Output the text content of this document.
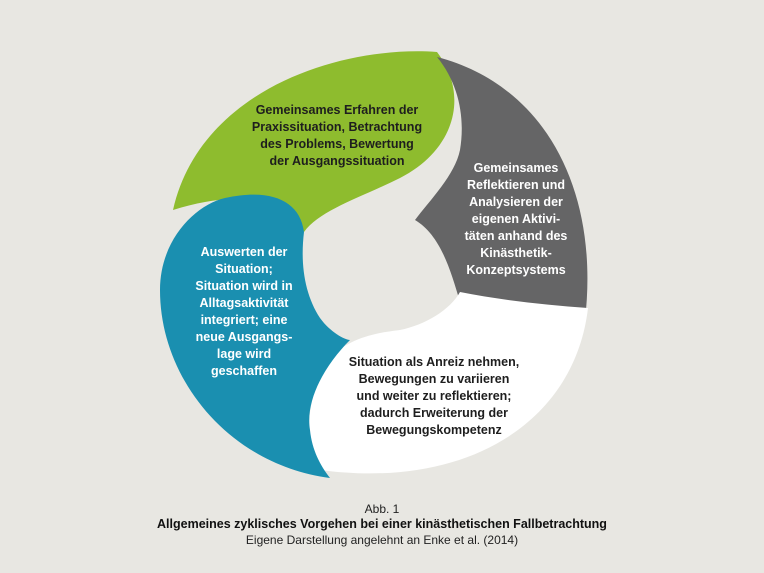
Gemeinsames Erfahren der
Praxissituation, Betrachtung
des Problems, Bewertung
der Ausgangssituation	Gemeinsames
Reflektieren und
Analysieren der
eigenen Aktivi-
täten anhand des
Kinästhetik-
Konzeptsystems
Situation als Anreiz nehmen,
Bewegungen zu variieren
und weiter zu reflektieren;
dadurch Erweiterung der
Bewegungskompetenz
Auswerten der
Situation;
Situation wird in
Alltagsaktivität
integriert; eine
neue Ausgangs-
lage wird
geschaffen
Abb. 1
Allgemeines zyklisches Vorgehen bei einer kinästhetischen Fallbetrachtung
Eigene Darstellung angelehnt an Enke et al. (2014)
